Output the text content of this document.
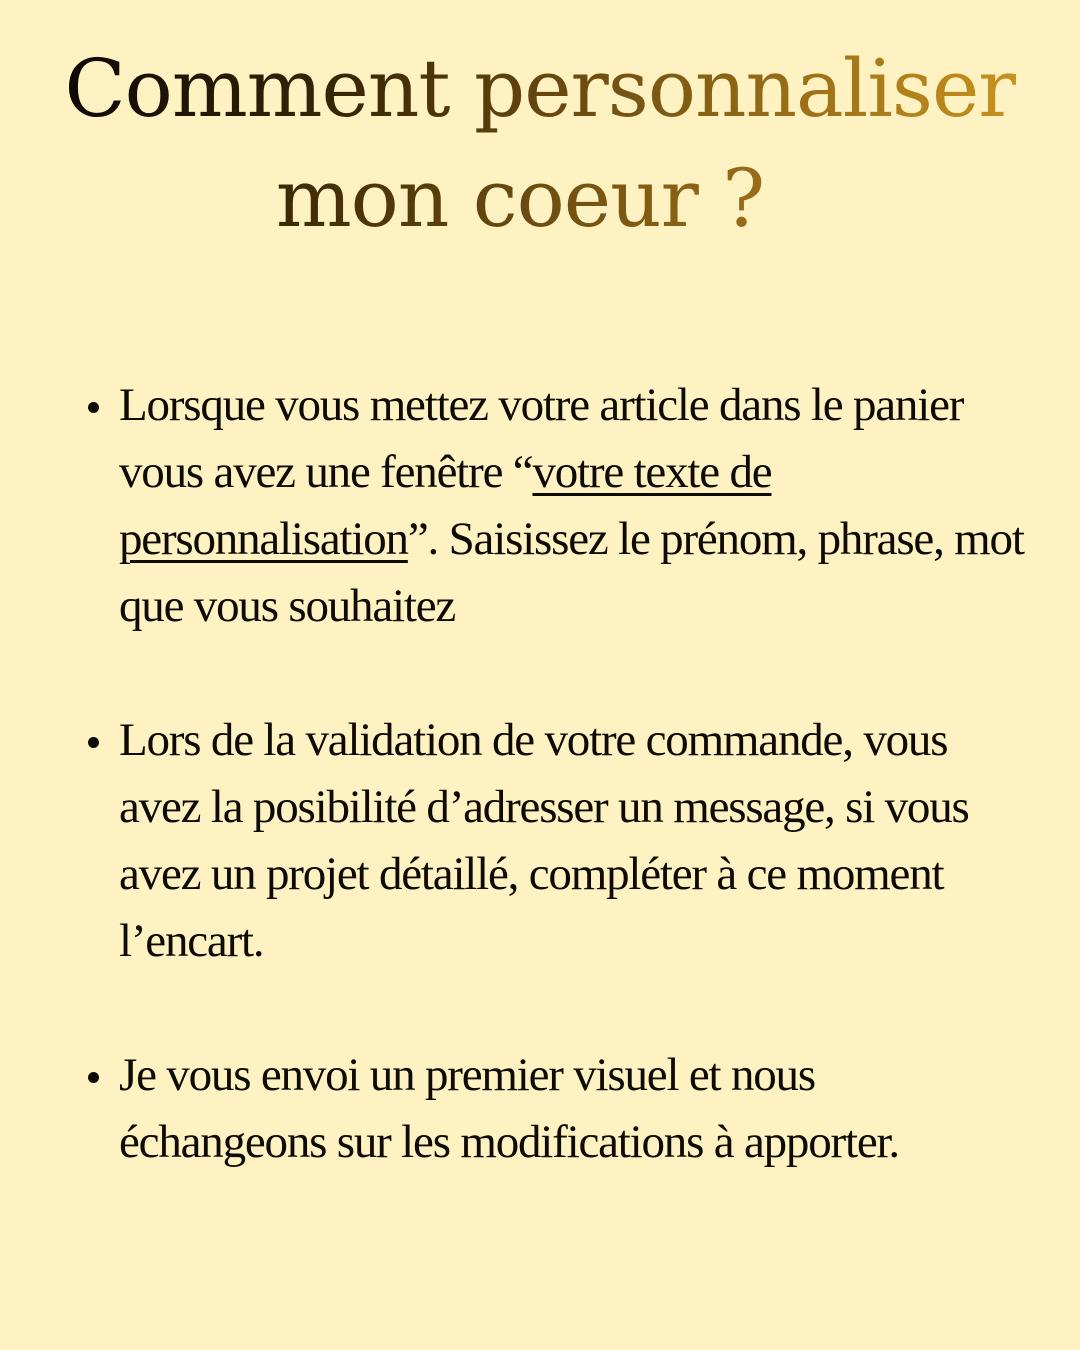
Comment personnaliser
mon coeur ?
Lorsque vous mettez votre article dans le panier vous avez une fenêtre “votre texte de personnalisation”. Saisissez le prénom, phrase, mot que vous souhaitez
Lors de la validation de votre commande, vous avez la posibilité d’adresser un message, si vous avez un projet détaillé, compléter à ce moment l’encart.
Je vous envoi un premier visuel et nous échangeons sur les modifications à apporter.
